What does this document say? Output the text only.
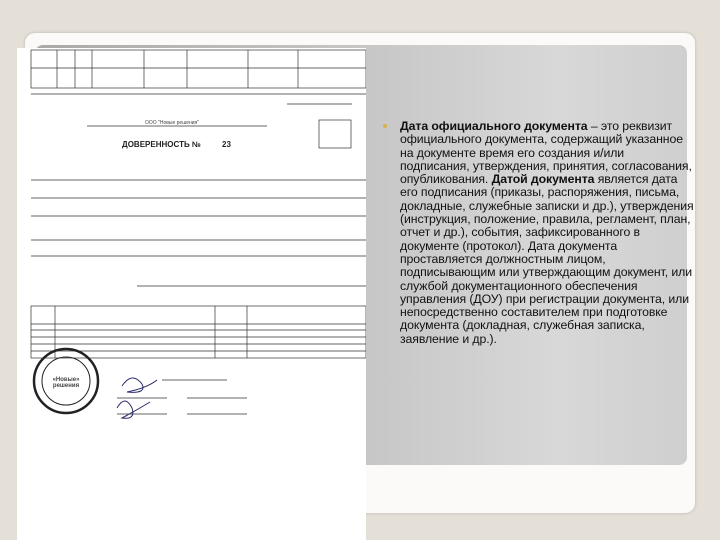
ДОВЕРЕННОСТЬ №	23
ООО "Новые решения"
«Новые» решения
Дата официального документа – это реквизит официального документа, содержащий указанное на документе время его создания и/или подписания, утверждения, принятия, согласования, опубликования. Датой документа является дата его подписания (приказы, распоряжения, письма, докладные, служебные записки и др.), утверждения (инструкция, положение, правила, регламент, план, отчет и др.), события, зафиксированного в документе (протокол). Дата документа проставляется должностным лицом, подписывающим или утверждающим документ, или службой документационного обеспечения управления (ДОУ) при регистрации документа, или непосредственно составителем при подготовке документа (докладная, служебная записка, заявление и др.).
